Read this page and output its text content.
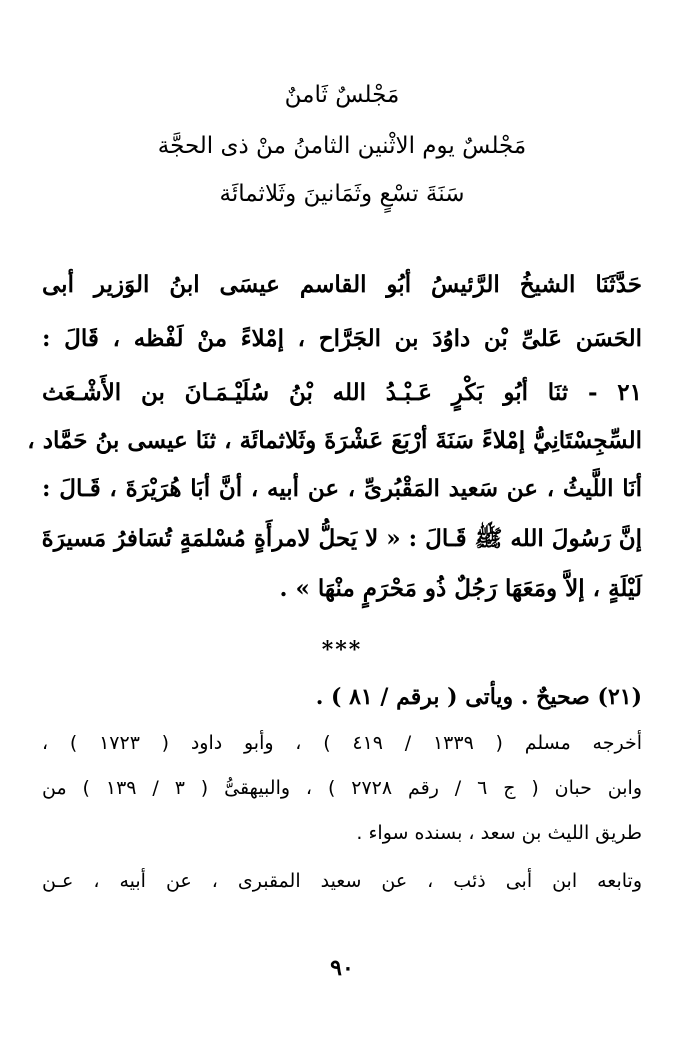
مَجْلسٌ ثَامنٌ
مَجْلسٌ يوم الاثْنين الثامنُ منْ ذى الحجَّة
سَنَةَ تسْعٍ وثَمَانينَ وثَلاثمائَة
حَدَّثَنَا الشيخُ الرَّئيسُ أبُو القاسم عيسَى ابنُ الوَزير أبى
الحَسَن عَلىِّ بْن داوُدَ بن الجَرَّاح ، إمْلاءً منْ لَفْظه ، قَالَ :
٢١ - ثنَا أبُو بَكْرٍ عَـبْـدُ الله بْنُ سُلَيْـمَـانَ بن الأَشْـعَث
السِّجِسْتَانِيُّ إمْلاءً سَنَةَ أرْبَعَ عَشْرَةَ وثَلاثمائَة ، ثنَا عيسى بنُ حَمَّاد ،
أنَا اللَّيثُ ، عن سَعيد المَقْبُرىِّ ، عن أبيه ، أنَّ أبَا هُرَيْرَةَ ، قَـالَ :
إنَّ رَسُولَ الله ﷺ قَـالَ : « لا يَحلُّ لامرأَةٍ مُسْلمَةٍ تُسَافرُ مَسيرَةَ
لَيْلَةٍ ، إلاَّ ومَعَهَا رَجُلٌ ذُو مَحْرَمٍ منْهَا » .
***
(٢١) صحيحٌ . ويأتى ( برقم / ٨١ ) .
أخرجه مسلم ( ١٣٣٩ / ٤١٩ ) ، وأبو داود ( ١٧٢٣ ) ،
وابن حبان ( ج ٦ / رقم ٢٧٢٨ ) ، والبيهقىُّ ( ٣ / ١٣٩ ) من
طريق الليث بن سعد ، بسنده سواء .
وتابعه ابن أبى ذئب ، عن سعيد المقبرى ، عن أبيه ، عـن
٩٠
